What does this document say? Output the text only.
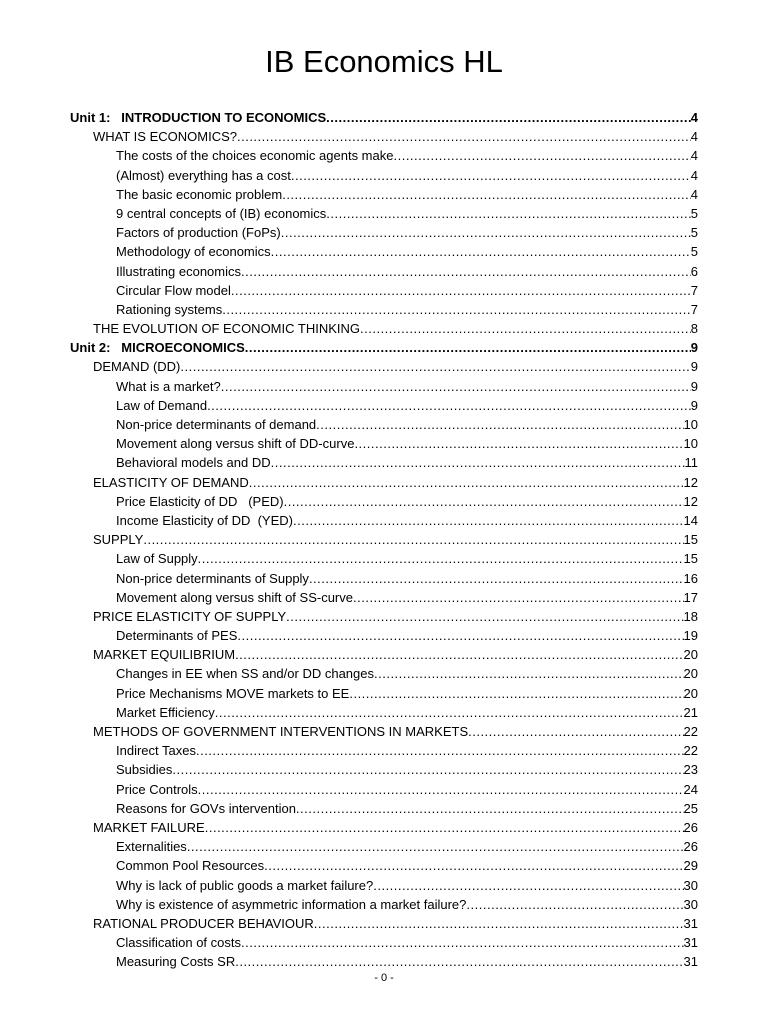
IB Economics HL
Unit 1:   INTRODUCTION TO ECONOMICS .....	4
WHAT IS ECONOMICS? .....	4
The costs of the choices economic agents make .....	4
(Almost) everything has a cost .....	4
The basic economic problem .....	4
9 central concepts of (IB) economics .....	5
Factors of production (FoPs) .....	5
Methodology of economics .....	5
Illustrating economics .....	6
Circular Flow model .....	7
Rationing systems .....	7
THE EVOLUTION OF ECONOMIC THINKING .....	8
Unit 2:   MICROECONOMICS .....	9
DEMAND (DD) .....	9
What is a market? .....	9
Law of Demand .....	9
Non-price determinants of demand .....	10
Movement along versus shift of DD-curve .....	10
Behavioral models and DD .....	11
ELASTICITY OF DEMAND .....	12
Price Elasticity of DD   (PED) .....	12
Income Elasticity of DD  (YED) .....	14
SUPPLY .....	15
Law of Supply .....	15
Non-price determinants of Supply .....	16
Movement along versus shift of SS-curve .....	17
PRICE ELASTICITY OF SUPPLY .....	18
Determinants of PES .....	19
MARKET EQUILIBRIUM .....	20
Changes in EE when SS and/or DD changes .....	20
Price Mechanisms MOVE markets to EE .....	20
Market Efficiency .....	21
METHODS OF GOVERNMENT INTERVENTIONS IN MARKETS .....	22
Indirect Taxes .....	22
Subsidies .....	23
Price Controls .....	24
Reasons for GOVs intervention .....	25
MARKET FAILURE .....	26
Externalities .....	26
Common Pool Resources .....	29
Why is lack of public goods a market failure? .....	30
Why is existence of asymmetric information a market failure? .....	30
RATIONAL PRODUCER BEHAVIOUR .....	31
Classification of costs .....	31
Measuring Costs SR .....	31
- 0 -
